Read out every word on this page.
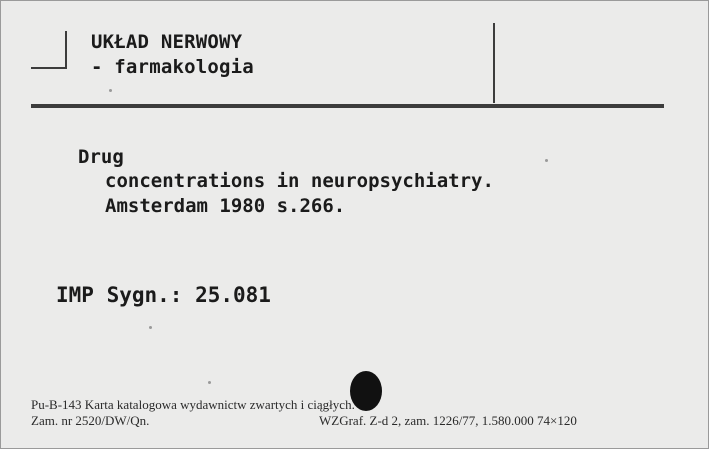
UKŁAD NERWOWY
- farmakologia
Drug
concentrations in neuropsychiatry.
Amsterdam 1980 s.266.
IMP Sygn.: 25.081
Pu-B-143 Karta katalogowa wydawnictw zwartych i ciągłych.
Zam. nr 2520/DW/Qn.	WZGraf. Z-d 2, zam. 1226/77, 1.580.000 74×120
